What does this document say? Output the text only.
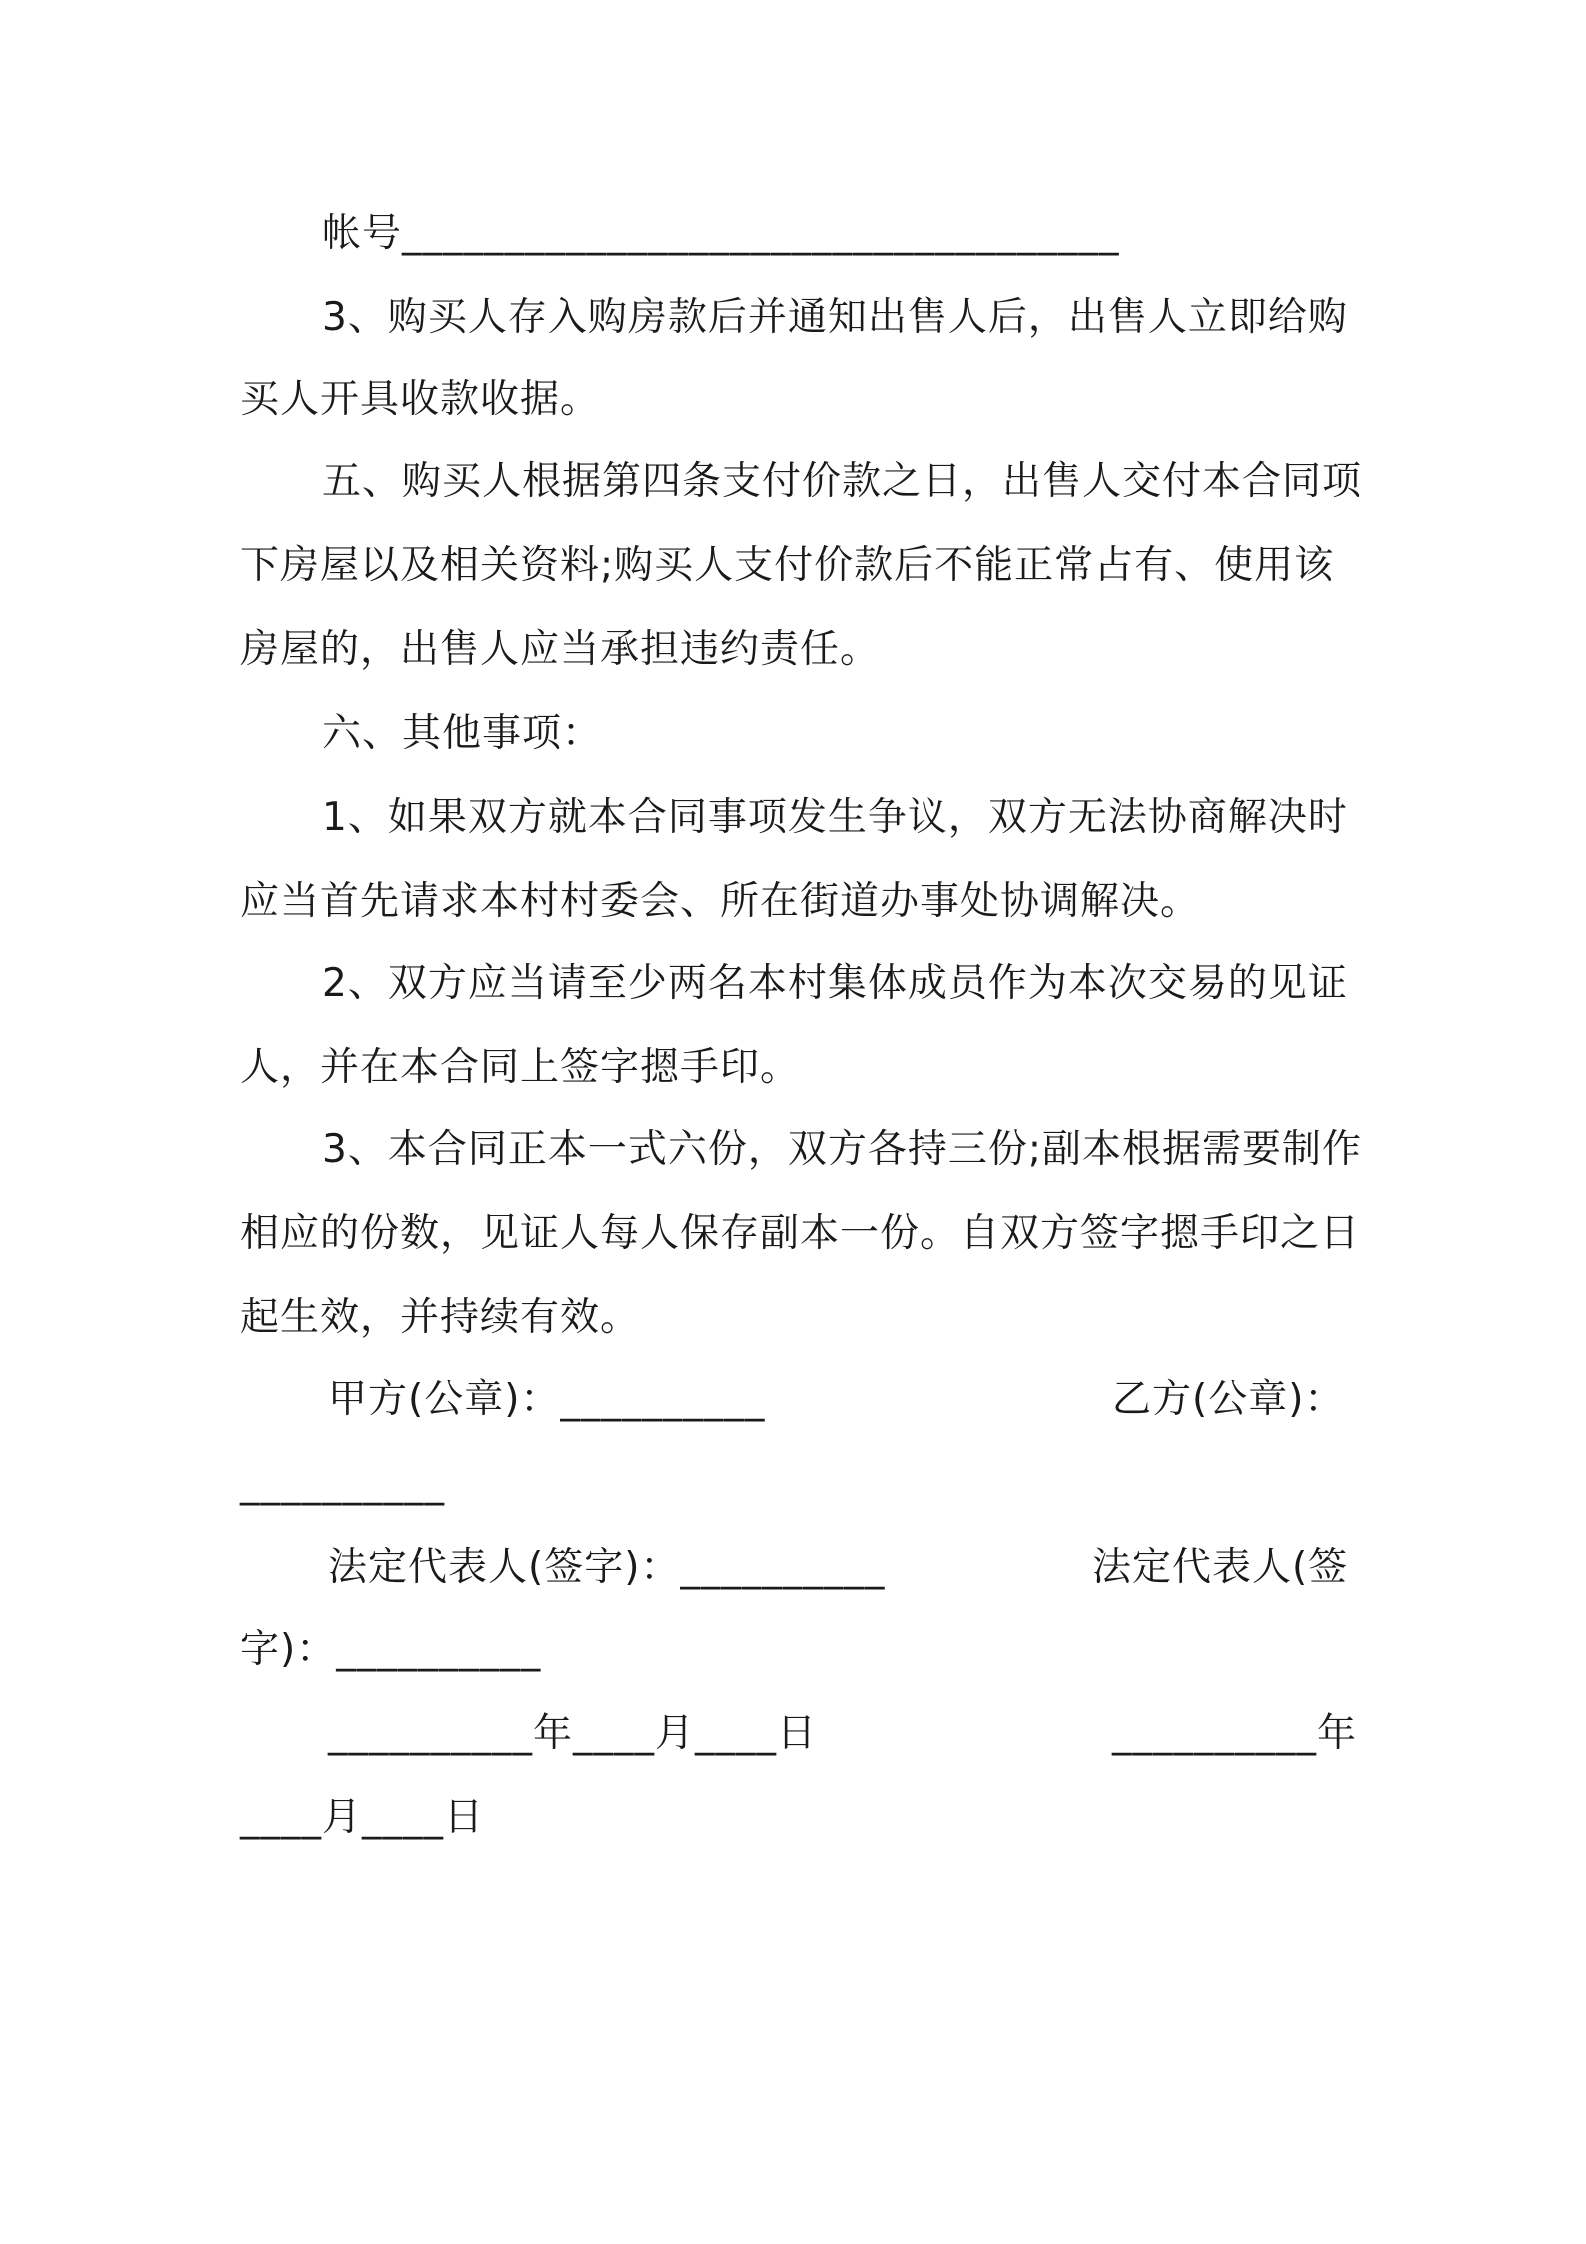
帐号___________________________________
3、购买人存入购房款后并通知出售人后，出售人立即给购
买人开具收款收据。
五、购买人根据第四条支付价款之日，出售人交付本合同项
下房屋以及相关资料;购买人支付价款后不能正常占有、使用该
房屋的，出售人应当承担违约责任。
六、其他事项：
1、如果双方就本合同事项发生争议，双方无法协商解决时
应当首先请求本村村委会、所在街道办事处协调解决。
2、双方应当请至少两名本村集体成员作为本次交易的见证
人，并在本合同上签字摁手印。
3、本合同正本一式六份，双方各持三份;副本根据需要制作
相应的份数，见证人每人保存副本一份。自双方签字摁手印之日
起生效，并持续有效。
甲方(公章)：__________	乙方(公章)：
__________
法定代表人(签字)：__________	法定代表人(签
字)：__________
__________年____月____日	__________年
____月____日
